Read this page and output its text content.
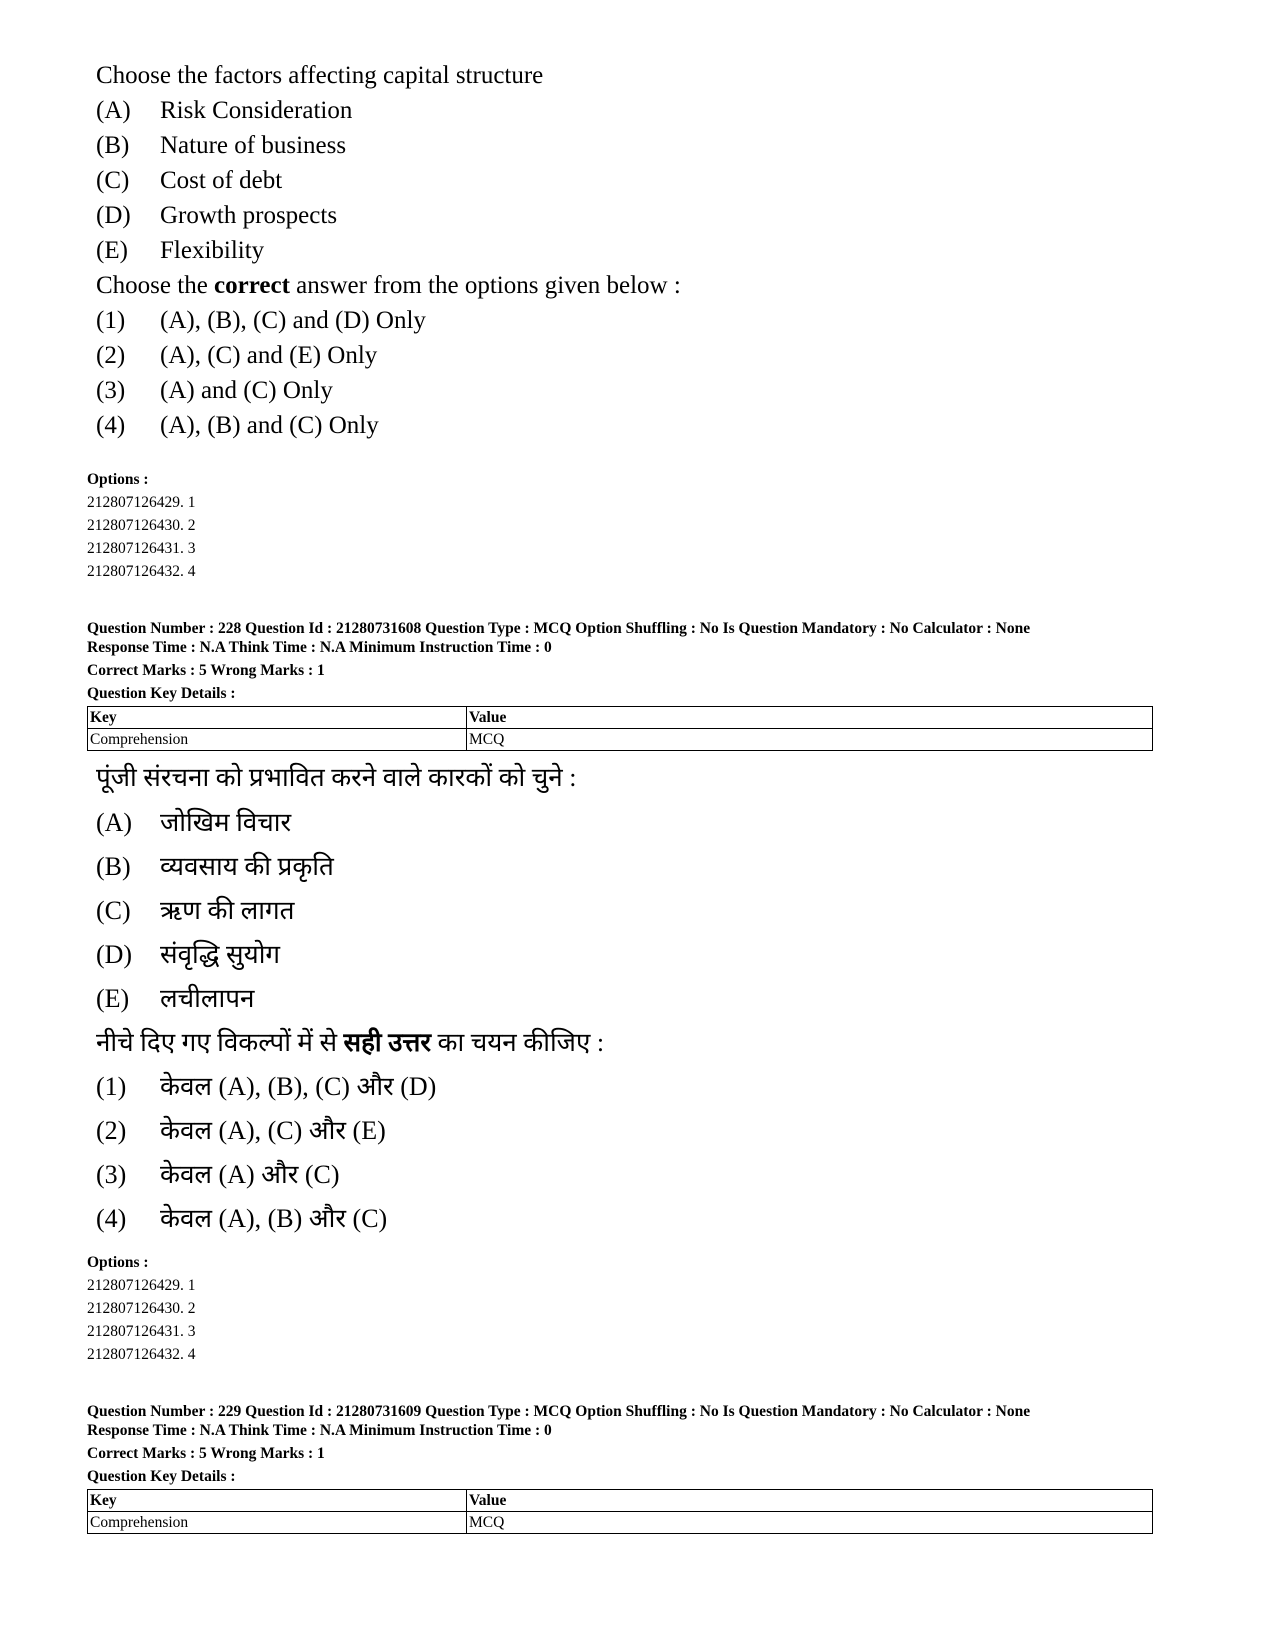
Choose the factors affecting capital structure
(A)	Risk Consideration
(B)	Nature of business
(C)	Cost of debt
(D)	Growth prospects
(E)	Flexibility
Choose the correct answer from the options given below :
(1)	(A), (B), (C) and (D) Only
(2)	(A), (C) and (E) Only
(3)	(A) and (C) Only
(4)	(A), (B) and (C) Only
Options :
212807126429. 1
212807126430. 2
212807126431. 3
212807126432. 4
Question Number : 228 Question Id : 21280731608 Question Type : MCQ Option Shuffling : No Is Question Mandatory : No Calculator : None
Response Time : N.A Think Time : N.A Minimum Instruction Time : 0
Correct Marks : 5 Wrong Marks : 1
Question Key Details :
Key	Value
Comprehension	MCQ
पूंजी संरचना को प्रभावित करने वाले कारकों को चुने :
(A)	जोखिम विचार
(B)	व्यवसाय की प्रकृति
(C)	ऋण की लागत
(D)	संवृद्धि सुयोग
(E)	लचीलापन
नीचे दिए गए विकल्पों में से सही उत्तर का चयन कीजिए :
(1)	केवल (A), (B), (C) और (D)
(2)	केवल (A), (C) और (E)
(3)	केवल (A) और (C)
(4)	केवल (A), (B) और (C)
Options :
212807126429. 1
212807126430. 2
212807126431. 3
212807126432. 4
Question Number : 229 Question Id : 21280731609 Question Type : MCQ Option Shuffling : No Is Question Mandatory : No Calculator : None
Response Time : N.A Think Time : N.A Minimum Instruction Time : 0
Correct Marks : 5 Wrong Marks : 1
Question Key Details :
Key	Value
Comprehension	MCQ
